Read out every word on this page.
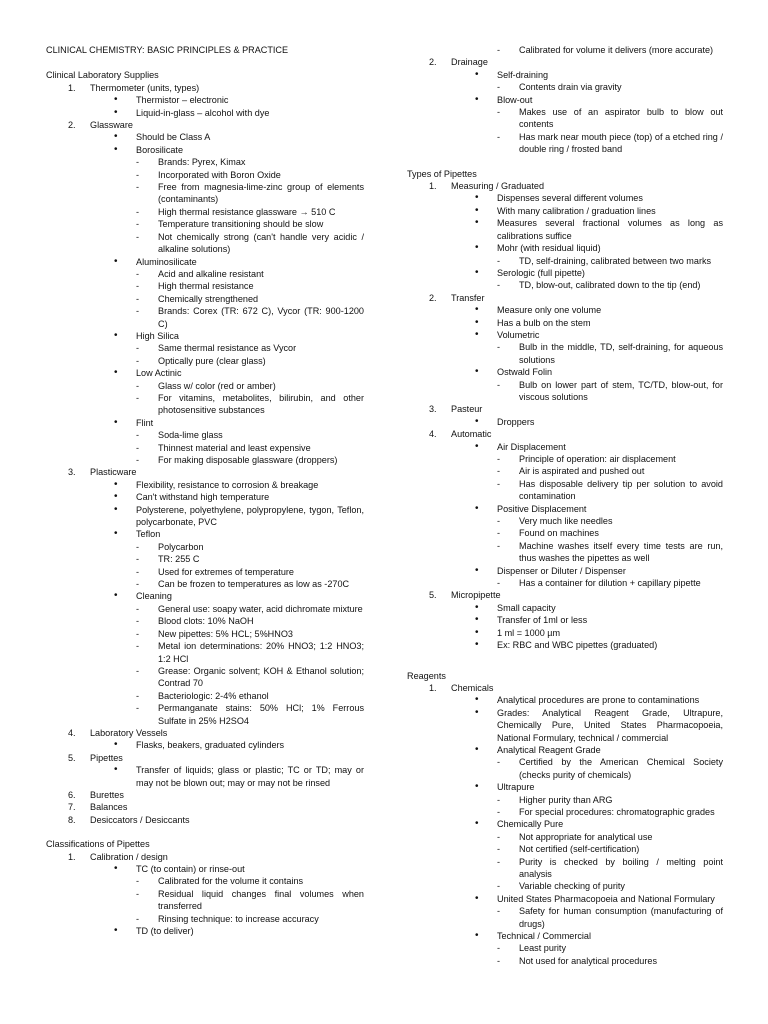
CLINICAL CHEMISTRY: BASIC PRINCIPLES & PRACTICE
Clinical Laboratory Supplies
1.	Thermometer (units, types)
•	Thermistor – electronic
•	Liquid-in-glass – alcohol with dye
2.	Glassware
•	Should be Class A
•	Borosilicate
-	Brands: Pyrex, Kimax
-	Incorporated with Boron Oxide
-	Free from magnesia-lime-zinc group of elements (contaminants)
-	High thermal resistance glassware → 510 C
-	Temperature transitioning should be slow
-	Not chemically strong (can't handle very acidic / alkaline solutions)
•	Aluminosilicate
-	Acid and alkaline resistant
-	High thermal resistance
-	Chemically strengthened
-	Brands: Corex (TR: 672 C), Vycor (TR: 900-1200 C)
•	High Silica
-	Same thermal resistance as Vycor
-	Optically pure (clear glass)
•	Low Actinic
-	Glass w/ color (red or amber)
-	For vitamins, metabolites, bilirubin, and other photosensitive substances
•	Flint
-	Soda-lime glass
-	Thinnest material and least expensive
-	For making disposable glassware (droppers)
3.	Plasticware
•	Flexibility, resistance to corrosion & breakage
•	Can't withstand high temperature
•	Polysterene, polyethylene, polypropylene, tygon, Teflon, polycarbonate, PVC
•	Teflon
-	Polycarbon
-	TR: 255 C
-	Used for extremes of temperature
-	Can be frozen to temperatures as low as -270C
•	Cleaning
-	General use: soapy water, acid dichromate mixture
-	Blood clots: 10% NaOH
-	New pipettes: 5% HCL; 5%HNO3
-	Metal ion determinations: 20% HNO3; 1:2 HNO3; 1:2 HCl
-	Grease: Organic solvent; KOH & Ethanol solution; Contrad 70
-	Bacteriologic: 2-4% ethanol
-	Permanganate stains: 50% HCl; 1% Ferrous Sulfate in 25% H2SO4
4.	Laboratory Vessels
•	Flasks, beakers, graduated cylinders
5.	Pipettes
•	Transfer of liquids; glass or plastic; TC or TD; may or may not be blown out; may or may not be rinsed
6.	Burettes
7.	Balances
8.	Desiccators / Desiccants
Classifications of Pipettes
1.	Calibration / design
•	TC (to contain) or rinse-out
-	Calibrated for the volume it contains
-	Residual liquid changes final volumes when transferred
-	Rinsing technique: to increase accuracy
•	TD (to deliver)
-	Calibrated for volume it delivers (more accurate)
2.	Drainage
•	Self-draining
-	Contents drain via gravity
•	Blow-out
-	Makes use of an aspirator bulb to blow out contents
-	Has mark near mouth piece (top) of a etched ring / double ring / frosted band
Types of Pipettes
1.	Measuring / Graduated
•	Dispenses several different volumes
•	With many calibration / graduation lines
•	Measures several fractional volumes as long as calibrations suffice
•	Mohr (with residual liquid)
-	TD, self-draining, calibrated between two marks
•	Serologic (full pipette)
-	TD, blow-out, calibrated down to the tip (end)
2.	Transfer
•	Measure only one volume
•	Has a bulb on the stem
•	Volumetric
-	Bulb in the middle, TD, self-draining, for aqueous solutions
•	Ostwald Folin
-	Bulb on lower part of stem, TC/TD, blow-out, for viscous solutions
3.	Pasteur
•	Droppers
4.	Automatic
•	Air Displacement
-	Principle of operation: air displacement
-	Air is aspirated and pushed out
-	Has disposable delivery tip per solution to avoid contamination
•	Positive Displacement
-	Very much like needles
-	Found on machines
-	Machine washes itself every time tests are run, thus washes the pipettes as well
•	Dispenser or Diluter / Dispenser
-	Has a container for dilution + capillary pipette
5.	Micropipette
•	Small capacity
•	Transfer of 1ml or less
•	1 ml = 1000 µm
•	Ex: RBC and WBC pipettes (graduated)
Reagents
1.	Chemicals
•	Analytical procedures are prone to contaminations
•	Grades: Analytical Reagent Grade, Ultrapure, Chemically Pure, United States Pharmacopoeia, National Formulary, technical / commercial
•	Analytical Reagent Grade
-	Certified by the American Chemical Society (checks purity of chemicals)
•	Ultrapure
-	Higher purity than ARG
-	For special procedures: chromatographic grades
•	Chemically Pure
-	Not appropriate for analytical use
-	Not certified (self-certification)
-	Purity is checked by boiling / melting point analysis
-	Variable checking of purity
•	United States Pharmacopoeia and National Formulary
-	Safety for human consumption (manufacturing of drugs)
•	Technical / Commercial
-	Least purity
-	Not used for analytical procedures
